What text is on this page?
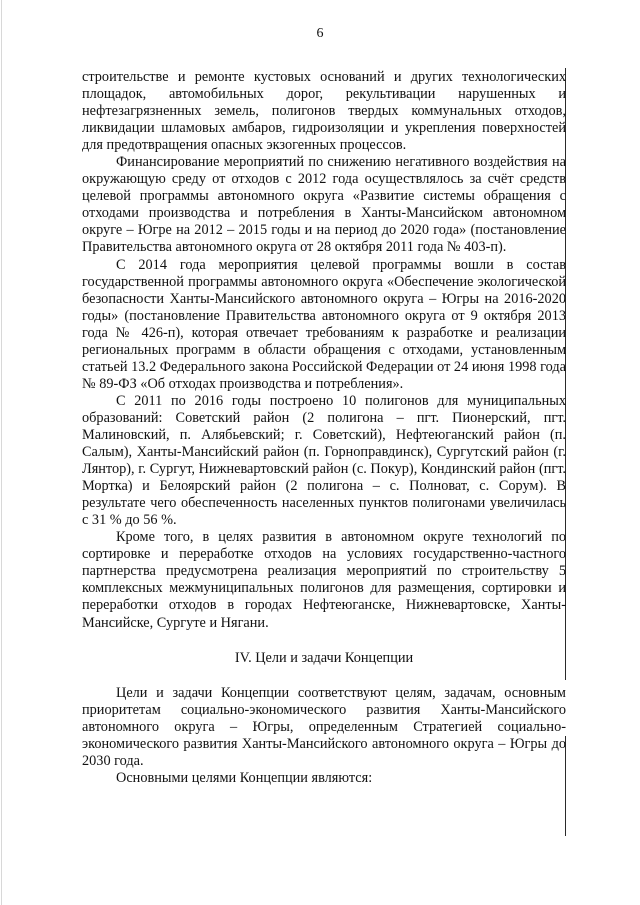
6

строительстве и ремонте кустовых оснований и других технологических площадок, автомобильных дорог, рекультивации нарушенных и нефтезагрязненных земель, полигонов твердых коммунальных отходов, ликвидации шламовых амбаров, гидроизоляции и укрепления поверхностей для предотвращения опасных экзогенных процессов.

Финансирование мероприятий по снижению негативного воздействия на окружающую среду от отходов с 2012 года осуществлялось за счёт средств целевой программы автономного округа «Развитие системы обращения с отходами производства и потребления в Ханты-Мансийском автономном округе – Югре на 2012 – 2015 годы и на период до 2020 года» (постановление Правительства автономного округа от 28 октября 2011 года № 403-п).

С 2014 года мероприятия целевой программы вошли в состав государственной программы автономного округа «Обеспечение экологической безопасности Ханты-Мансийского автономного округа – Югры на 2016-2020 годы» (постановление Правительства автономного округа от 9 октября 2013 года № 426-п), которая отвечает требованиям к разработке и реализации региональных программ в области обращения с отходами, установленным статьей 13.2 Федерального закона Российской Федерации от 24 июня 1998 года № 89-ФЗ «Об отходах производства и потребления».

С 2011 по 2016 годы построено 10 полигонов для муниципальных образований: Советский район (2 полигона – пгт. Пионерский, пгт. Малиновский, п. Алябьевский; г. Советский), Нефтеюганский район (п. Салым), Ханты-Мансийский район (п. Горноправдинск), Сургутский район (г. Лянтор), г. Сургут, Нижневартовский район (с. Покур), Кондинский район (пгт. Мортка) и Белоярский район (2 полигона – с. Полноват, с. Сорум). В результате чего обеспеченность населенных пунктов полигонами увеличилась с 31 % до 56 %.

Кроме того, в целях развития в автономном округе технологий по сортировке и переработке отходов на условиях государственно-частного партнерства предусмотрена реализация мероприятий по строительству 5 комплексных межмуниципальных полигонов для размещения, сортировки и переработки отходов в городах Нефтеюганске, Нижневартовске, Ханты-Мансийске, Сургуте и Нягани.

IV. Цели и задачи Концепции

Цели и задачи Концепции соответствуют целям, задачам, основным приоритетам социально-экономического развития Ханты-Мансийского автономного округа – Югры, определенным Стратегией социально-экономического развития Ханты-Мансийского автономного округа – Югры до 2030 года.

Основными целями Концепции являются:
